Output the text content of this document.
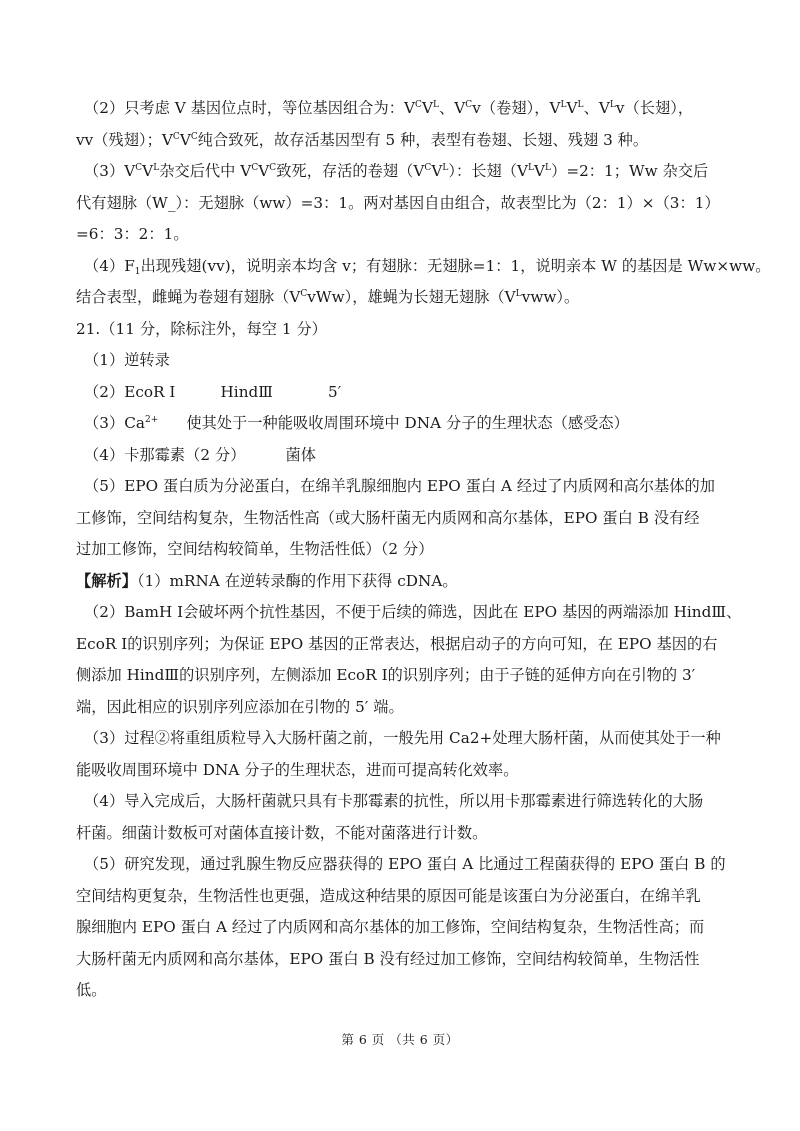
（2）只考虑 V 基因位点时，等位基因组合为：$V^CV^L$、$V^Cv$（卷翅），$V^LV^L$、$V^Lv$（长翅），
vv（残翅）；$V^CV^C$纯合致死，故存活基因型有 5 种，表型有卷翅、长翅、残翅 3 种。
$(3)V^CV^L$杂交后代中 $V^CV^C$致死，存活的卷翅$(V^CV^L)$：长翅$(V^LV^L)=2$：1；Ww 杂交后
代有翅脉（W_）：无翅脉（ww）=3：1。两对基因自由组合，故表型比为（2：1）×（3：1）
=6：3：2：1。
$(4)F_1$出现残翅(vv)，说明亲本均含 v；有翅脉：无翅脉=1：1，说明亲本 W 的基因是 Ww×ww。
结合表型，雌蝇为卷翅有翅脉$(V^CvWw)$，雄蝇为长翅无翅脉$(V^Lvww)$。
21.（11 分，除标注外，每空 1 分）
（1）逆转录
（2）EcoR Ⅰ	HindⅢ	5′
$(3)Ca^{2+}$ 使其处于一种能吸收周围环境中 DNA 分子的生理状态（感受态）
（4）卡那霉素（2 分）	菌体
（5）EPO 蛋白质为分泌蛋白，在绵羊乳腺细胞内 EPO 蛋白 A 经过了内质网和高尔基体的加
工修饰，空间结构复杂，生物活性高（或大肠杆菌无内质网和高尔基体，EPO 蛋白 B 没有经
过加工修饰，空间结构较简单，生物活性低）（2 分）
【解析】（1）mRNA 在逆转录酶的作用下获得 cDNA。
（2）BamH Ⅰ会破坏两个抗性基因，不便于后续的筛选，因此在 EPO 基因的两端添加 HindⅢ、
EcoR Ⅰ的识别序列；为保证 EPO 基因的正常表达，根据启动子的方向可知，在 EPO 基因的右
侧添加 HindⅢ的识别序列，左侧添加 EcoR Ⅰ的识别序列；由于子链的延伸方向在引物的 3′
端，因此相应的识别序列应添加在引物的 5′ 端。
（3）过程②将重组质粒导入大肠杆菌之前，一般先用 Ca2+处理大肠杆菌，从而使其处于一种
能吸收周围环境中 DNA 分子的生理状态，进而可提高转化效率。
（4）导入完成后，大肠杆菌就只具有卡那霉素的抗性，所以用卡那霉素进行筛选转化的大肠
杆菌。细菌计数板可对菌体直接计数，不能对菌落进行计数。
（5）研究发现，通过乳腺生物反应器获得的 EPO 蛋白 A 比通过工程菌获得的 EPO 蛋白 B 的
空间结构更复杂，生物活性也更强，造成这种结果的原因可能是该蛋白为分泌蛋白，在绵羊乳
腺细胞内 EPO 蛋白 A 经过了内质网和高尔基体的加工修饰，空间结构复杂，生物活性高；而
大肠杆菌无内质网和高尔基体，EPO 蛋白 B 没有经过加工修饰，空间结构较简单，生物活性
低。
第 6 页 （共 6 页）
